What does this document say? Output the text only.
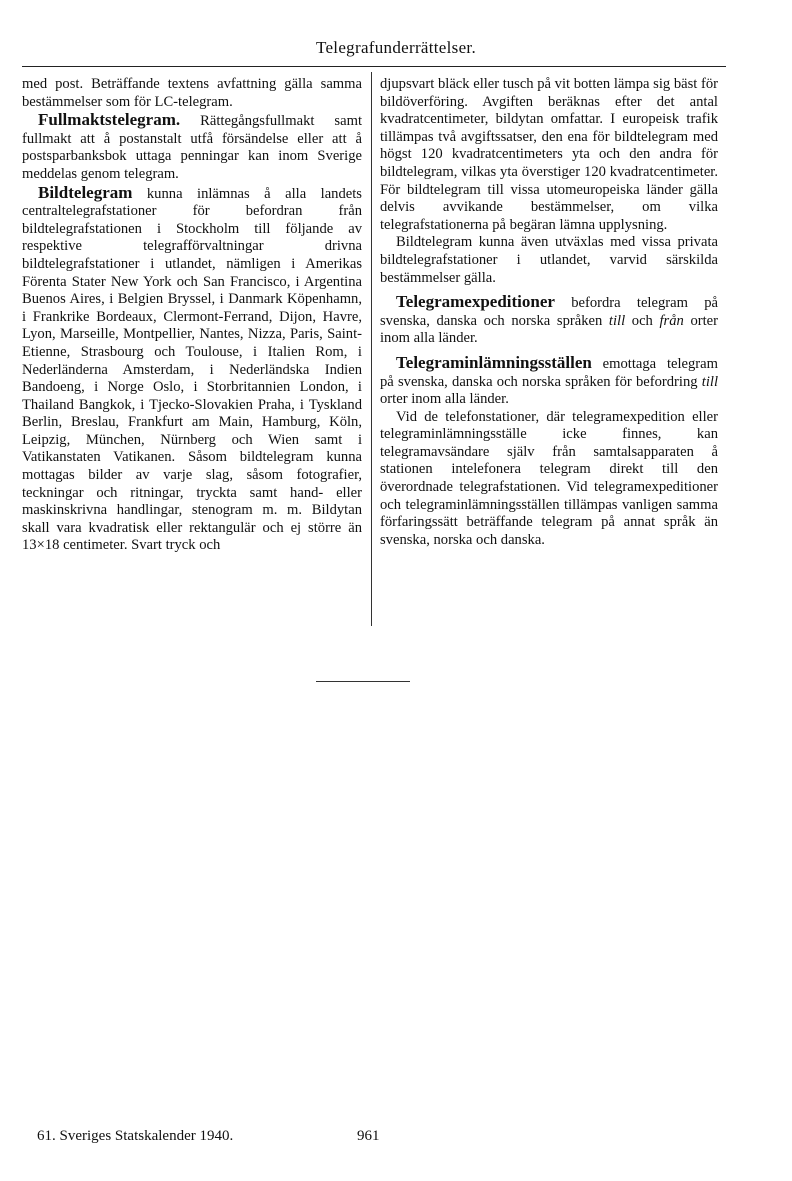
Telegrafunderrättelser.

med post. Beträffande textens avfattning gälla samma bestämmelser som för LC-telegram.

Fullmaktstelegram. Rättegångsfullmakt samt fullmakt att å postanstalt utfå försändelse eller att å postsparbanksbok uttaga penningar kan inom Sverige meddelas genom telegram.

Bildtelegram kunna inlämnas å alla landets centraltelegrafstationer för befordran från bildtelegrafstationen i Stockholm till följande av respektive telegrafförvaltningar drivna bildtelegrafstationer i utlandet, nämligen i Amerikas Förenta Stater New York och San Francisco, i Argentina Buenos Aires, i Belgien Bryssel, i Danmark Köpenhamn, i Frankrike Bordeaux, Clermont-Ferrand, Dijon, Havre, Lyon, Marseille, Montpellier, Nantes, Nizza, Paris, Saint-Etienne, Strasbourg och Toulouse, i Italien Rom, i Nederländerna Amsterdam, i Nederländska Indien Bandoeng, i Norge Oslo, i Storbritannien London, i Thailand Bangkok, i Tjecko-Slovakien Praha, i Tyskland Berlin, Breslau, Frankfurt am Main, Hamburg, Köln, Leipzig, München, Nürnberg och Wien samt i Vatikanstaten Vatikanen. Såsom bildtelegram kunna mottagas bilder av varje slag, såsom fotografier, teckningar och ritningar, tryckta samt hand- eller maskinskrivna handlingar, stenogram m. m. Bildytan skall vara kvadratisk eller rektangulär och ej större än 13×18 centimeter. Svart tryck och

djupsvart bläck eller tusch på vit botten lämpa sig bäst för bildöverföring. Avgiften beräknas efter det antal kvadratcentimeter, bildytan omfattar. I europeisk trafik tillämpas två avgiftssatser, den ena för bildtelegram med högst 120 kvadratcentimeters yta och den andra för bildtelegram, vilkas yta överstiger 120 kvadratcentimeter. För bildtelegram till vissa utomeuropeiska länder gälla delvis avvikande bestämmelser, om vilka telegrafstationerna på begäran lämna upplysning.

Bildtelegram kunna även utväxlas med vissa privata bildtelegrafstationer i utlandet, varvid särskilda bestämmelser gälla.

Telegramexpeditioner befordra telegram på svenska, danska och norska språken till och från orter inom alla länder.

Telegraminlämningsställen emottaga telegram på svenska, danska och norska språken för befordring till orter inom alla länder.

Vid de telefonstationer, där telegramexpedition eller telegraminlämningsställe icke finnes, kan telegramavsändare själv från samtalsapparaten å stationen intelefonera telegram direkt till den överordnade telegrafstationen. Vid telegramexpeditioner och telegraminlämningsställen tillämpas vanligen samma förfaringssätt beträffande telegram på annat språk än svenska, norska och danska.

61. Sveriges Statskalender 1940.	961
